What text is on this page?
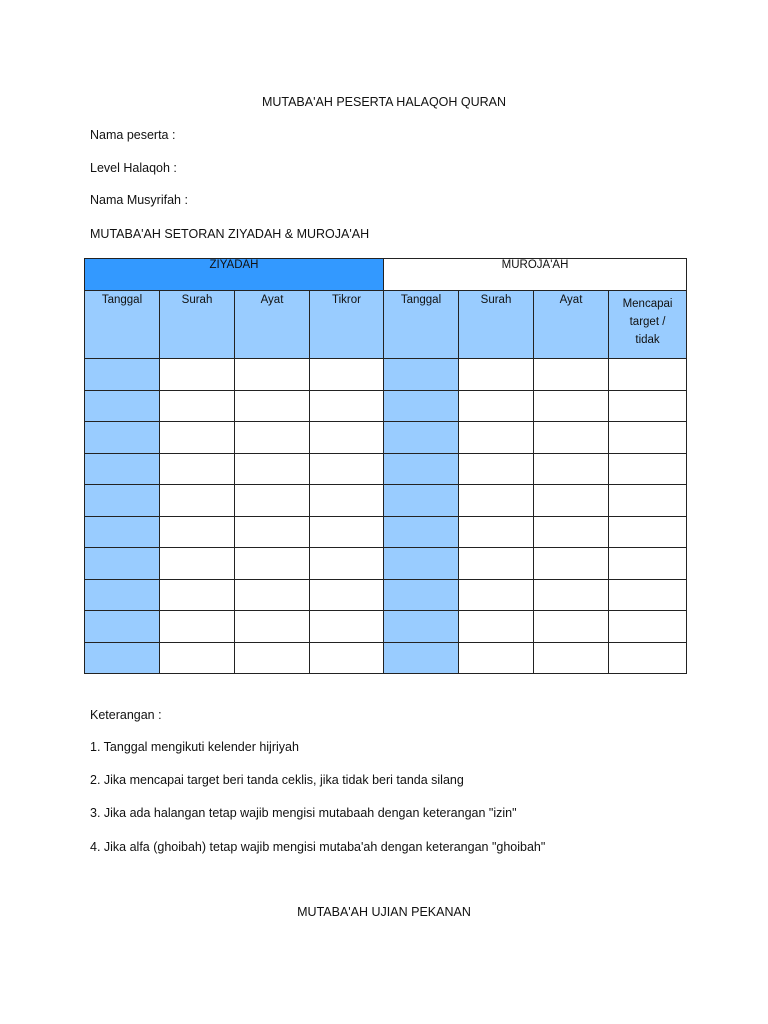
MUTABA'AH PESERTA HALAQOH QURAN
Nama peserta :
Level Halaqoh :
Nama Musyrifah :
MUTABA'AH SETORAN ZIYADAH & MUROJA'AH
ZIYADAH				MUROJA'AH			
Tanggal	Surah	Ayat	Tikror	Tanggal	Surah	Ayat	Mencapai target / tidak

Keterangan :
1. Tanggal mengikuti kelender hijriyah
2. Jika mencapai target beri tanda ceklis, jika tidak beri tanda silang
3. Jika ada halangan tetap wajib mengisi mutabaah dengan keterangan "izin"
4. Jika alfa (ghoibah) tetap wajib mengisi mutaba'ah dengan keterangan "ghoibah"
MUTABA'AH UJIAN PEKANAN
